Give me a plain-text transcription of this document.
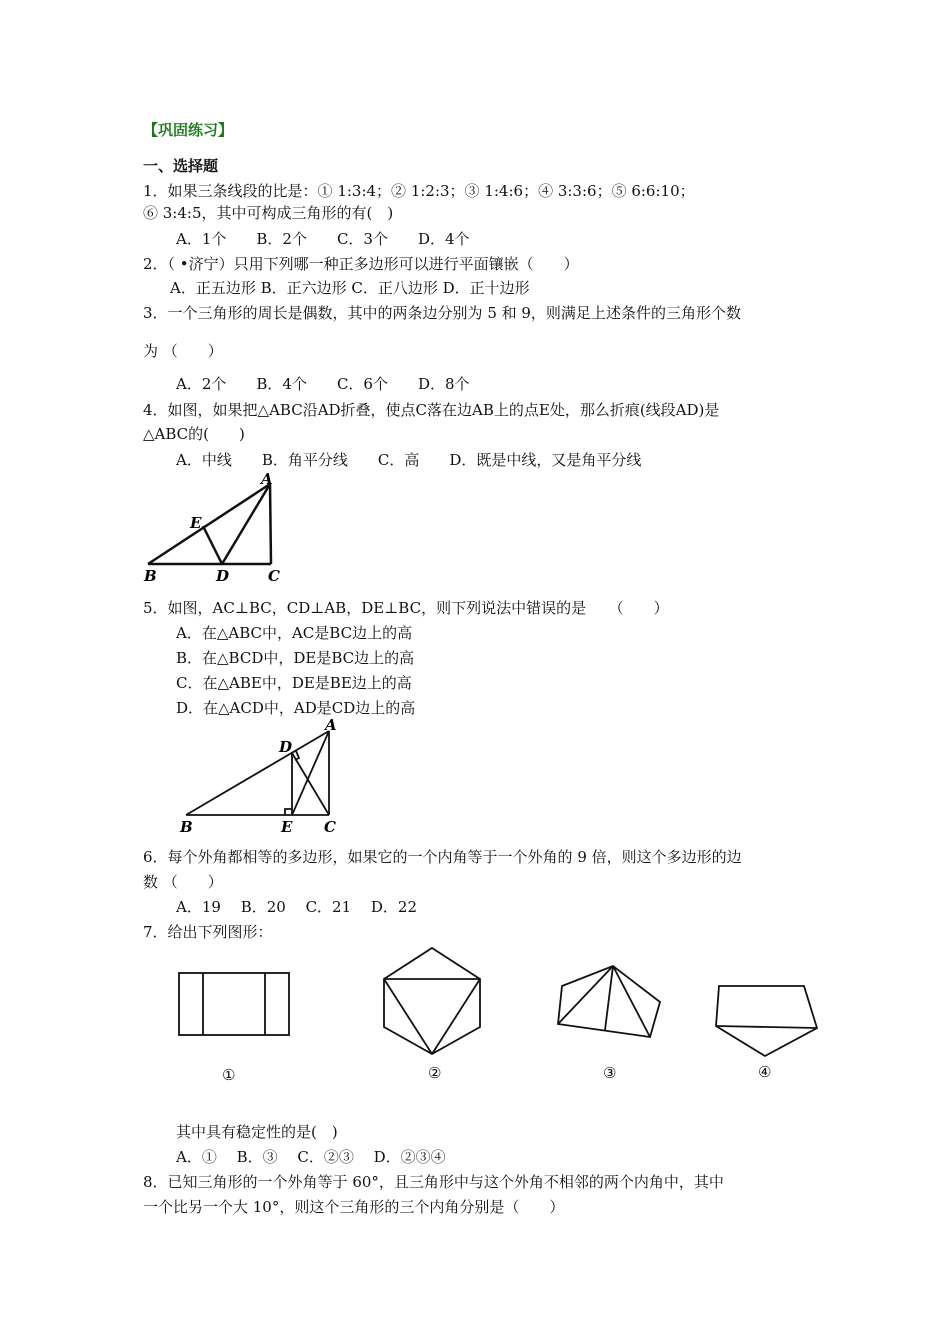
【巩固练习】
一、选择题
1．如果三条线段的比是：① 1:3:4；② 1:2:3；③ 1:4:6；④ 3:3:6；⑤ 6:6:10；
⑥ 3:4:5，其中可构成三角形的有(　)
A．1个　　B．2个　　C．3个　　D．4个
2．（ •济宁）只用下列哪一种正多边形可以进行平面镶嵌（　　）
A．正五边形 B．正六边形 C．正八边形 D．正十边形
3．一个三角形的周长是偶数，其中的两条边分别为 5 和 9，则满足上述条件的三角形个数
为 （　　）
A．2个　　B．4个　　C．6个　　D．8个
4．如图，如果把△ABC沿AD折叠，使点C落在边AB上的点E处，那么折痕(线段AD)是
△ABC的(　　)
A．中线　　B．角平分线　　C．高　　D．既是中线，又是角平分线
A
E
B	D	C
5．如图，AC⊥BC，CD⊥AB，DE⊥BC，则下列说法中错误的是　　（　　）
A．在△ABC中，AC是BC边上的高
B．在△BCD中，DE是BC边上的高
C．在△ABE中，DE是BE边上的高
D．在△ACD中，AD是CD边上的高
A
D
B	E C
6．每个外角都相等的多边形，如果它的一个内角等于一个外角的 9 倍，则这个多边形的边
数 （　　）
A．19　 B．20　 C．21　 D．22
7．给出下列图形：
①	②	③	④
其中具有稳定性的是(　)
A．①　 B．③　 C．②③　 D．②③④
8．已知三角形的一个外角等于 60°，且三角形中与这个外角不相邻的两个内角中，其中
一个比另一个大 10°，则这个三角形的三个内角分别是（　　）
